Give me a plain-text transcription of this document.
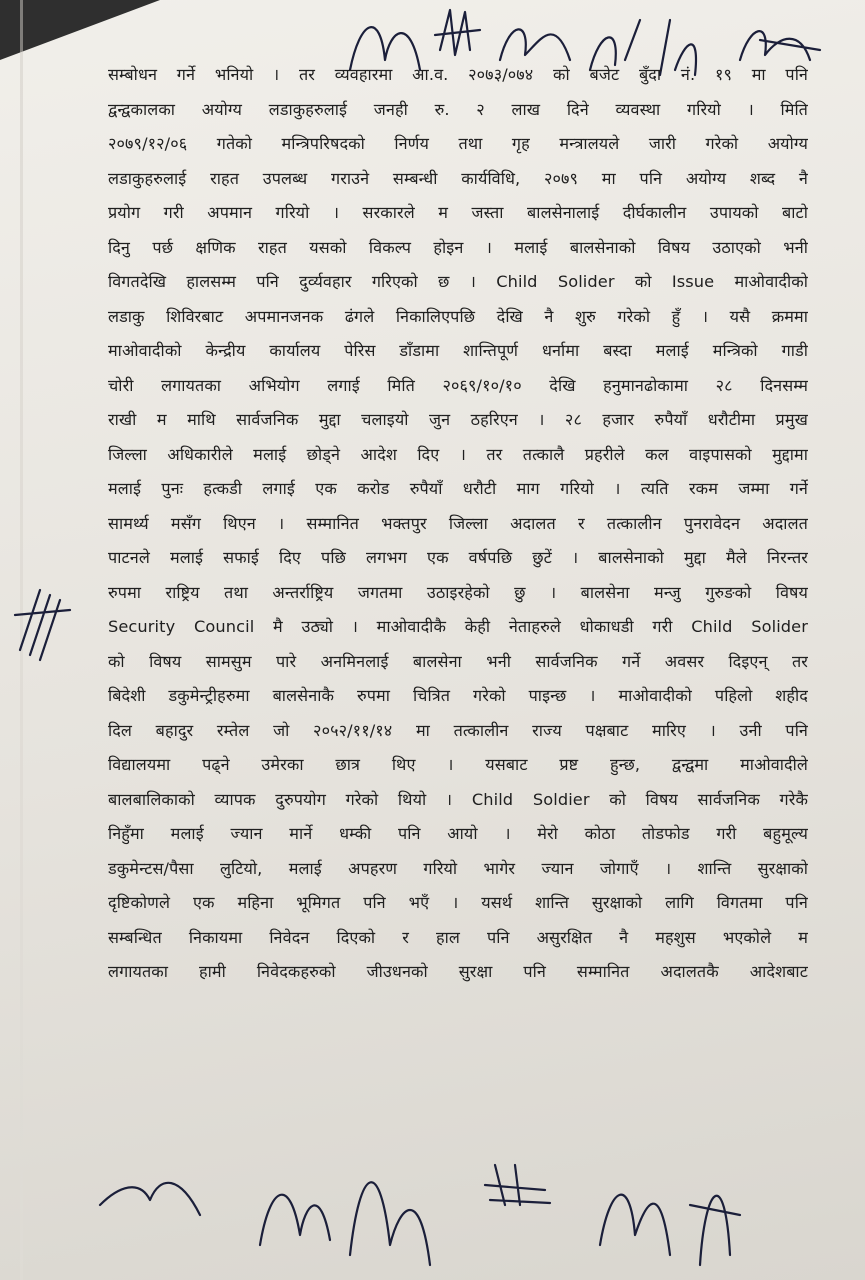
सम्बोधन गर्ने भनियो । तर व्यवहारमा आ.व. २०७३/०७४ को बजेट बुँदा नं. १९ मा पनि
द्वन्द्वकालका अयोग्य लडाकुहरुलाई जनही रु. २ लाख दिने व्यवस्था गरियो । मिति
२०७९/१२/०६ गतेको मन्त्रिपरिषदको निर्णय तथा गृह मन्त्रालयले जारी गरेको अयोग्य
लडाकुहरुलाई राहत उपलब्ध गराउने सम्बन्धी कार्यविधि, २०७९ मा पनि अयोग्य शब्द नै
प्रयोग गरी अपमान गरियो । सरकारले म जस्ता बालसेनालाई दीर्घकालीन उपायको बाटो
दिनु पर्छ क्षणिक राहत यसको विकल्प होइन । मलाई बालसेनाको विषय उठाएको भनी
विगतदेखि हालसम्म पनि दुर्व्यवहार गरिएको छ । Child Solider को Issue माओवादीको
लडाकु शिविरबाट अपमानजनक ढंगले निकालिएपछि देखि नै शुरु गरेको हुँ । यसै क्रममा
माओवादीको केन्द्रीय कार्यालय पेरिस डाँडामा शान्तिपूर्ण धर्नामा बस्दा मलाई मन्त्रिको गाडी
चोरी लगायतका अभियोग लगाई मिति २०६९/१०/१० देखि हनुमानढोकामा २८ दिनसम्म
राखी म माथि सार्वजनिक मुद्दा चलाइयो जुन ठहरिएन । २८ हजार रुपैयाँ धरौटीमा प्रमुख
जिल्ला अधिकारीले मलाई छोड्ने आदेश दिए । तर तत्कालै प्रहरीले कल वाइपासको मुद्दामा
मलाई पुनः हत्कडी लगाई एक करोड रुपैयाँ धरौटी माग गरियो । त्यति रकम जम्मा गर्ने
सामर्थ्य मसँग थिएन । सम्मानित भक्तपुर जिल्ला अदालत र तत्कालीन पुनरावेदन अदालत
पाटनले मलाई सफाई दिए पछि लगभग एक वर्षपछि छुटें । बालसेनाको मुद्दा मैले निरन्तर
रुपमा राष्ट्रिय तथा अन्तर्राष्ट्रिय जगतमा उठाइरहेको छु । बालसेना मन्जु गुरुङको विषय
Security Council मै उठ्यो । माओवादीकै केही नेताहरुले धोकाधडी गरी Child Solider
को विषय सामसुम पारे अनमिनलाई बालसेना भनी सार्वजनिक गर्ने अवसर दिइएन् तर
बिदेशी डकुमेन्ट्रीहरुमा बालसेनाकै रुपमा चित्रित गरेको पाइन्छ । माओवादीको पहिलो शहीद
दिल बहादुर रम्तेल जो २०५२/११/१४ मा तत्कालीन राज्य पक्षबाट मारिए । उनी पनि
विद्यालयमा पढ्ने उमेरका छात्र थिए । यसबाट प्रष्ट हुन्छ, द्वन्द्वमा माओवादीले
बालबालिकाको व्यापक दुरुपयोग गरेको थियो । Child Soldier को विषय सार्वजनिक गरेकै
निहुँमा मलाई ज्यान मार्ने धम्की पनि आयो । मेरो कोठा तोडफोड गरी बहुमूल्य
डकुमेन्टस/पैसा लुटियो, मलाई अपहरण गरियो भागेर ज्यान जोगाएँ । शान्ति सुरक्षाको
दृष्टिकोणले एक महिना भूमिगत पनि भएँ । यसर्थ शान्ति सुरक्षाको लागि विगतमा पनि
सम्बन्धित निकायमा निवेदन दिएको र हाल पनि असुरक्षित नै महशुस भएकोले म
लगायतका हामी निवेदकहरुको जीउधनको सुरक्षा पनि सम्मानित अदालतकै आदेशबाट
